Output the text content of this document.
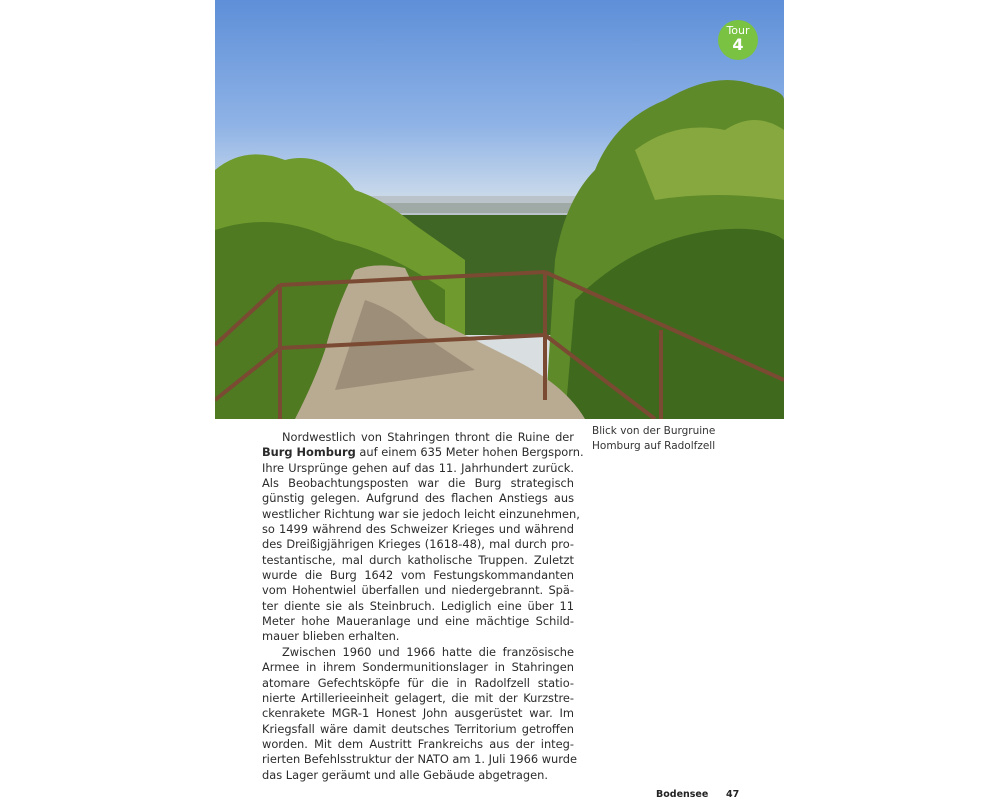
Tour
4
Blick von der Burgruine
Homburg auf Radolfzell
Nordwestlich von Stahringen thront die Ruine der
Burg Homburg auf einem 635 Meter hohen Bergsporn.
Ihre Ursprünge gehen auf das 11. Jahrhundert zurück.
Als Beobachtungsposten war die Burg strategisch
günstig gelegen. Aufgrund des flachen Anstiegs aus
westlicher Richtung war sie jedoch leicht einzunehmen,
so 1499 während des Schweizer Krieges und während
des Dreißigjährigen Krieges (1618-48), mal durch pro-
testantische, mal durch katholische Truppen. Zuletzt
wurde die Burg 1642 vom Festungskommandanten
vom Hohentwiel überfallen und niedergebrannt. Spä-
ter diente sie als Steinbruch. Lediglich eine über 11
Meter hohe Maueranlage und eine mächtige Schild-
mauer blieben erhalten.
Zwischen 1960 und 1966 hatte die französische
Armee in ihrem Sondermunitionslager in Stahringen
atomare Gefechtsköpfe für die in Radolfzell statio-
nierte Artillerieeinheit gelagert, die mit der Kurzstre-
ckenrakete MGR-1 Honest John ausgerüstet war. Im
Kriegsfall wäre damit deutsches Territorium getroffen
worden. Mit dem Austritt Frankreichs aus der integ-
rierten Befehlsstruktur der NATO am 1. Juli 1966 wurde
das Lager geräumt und alle Gebäude abgetragen.
Bodensee 47
